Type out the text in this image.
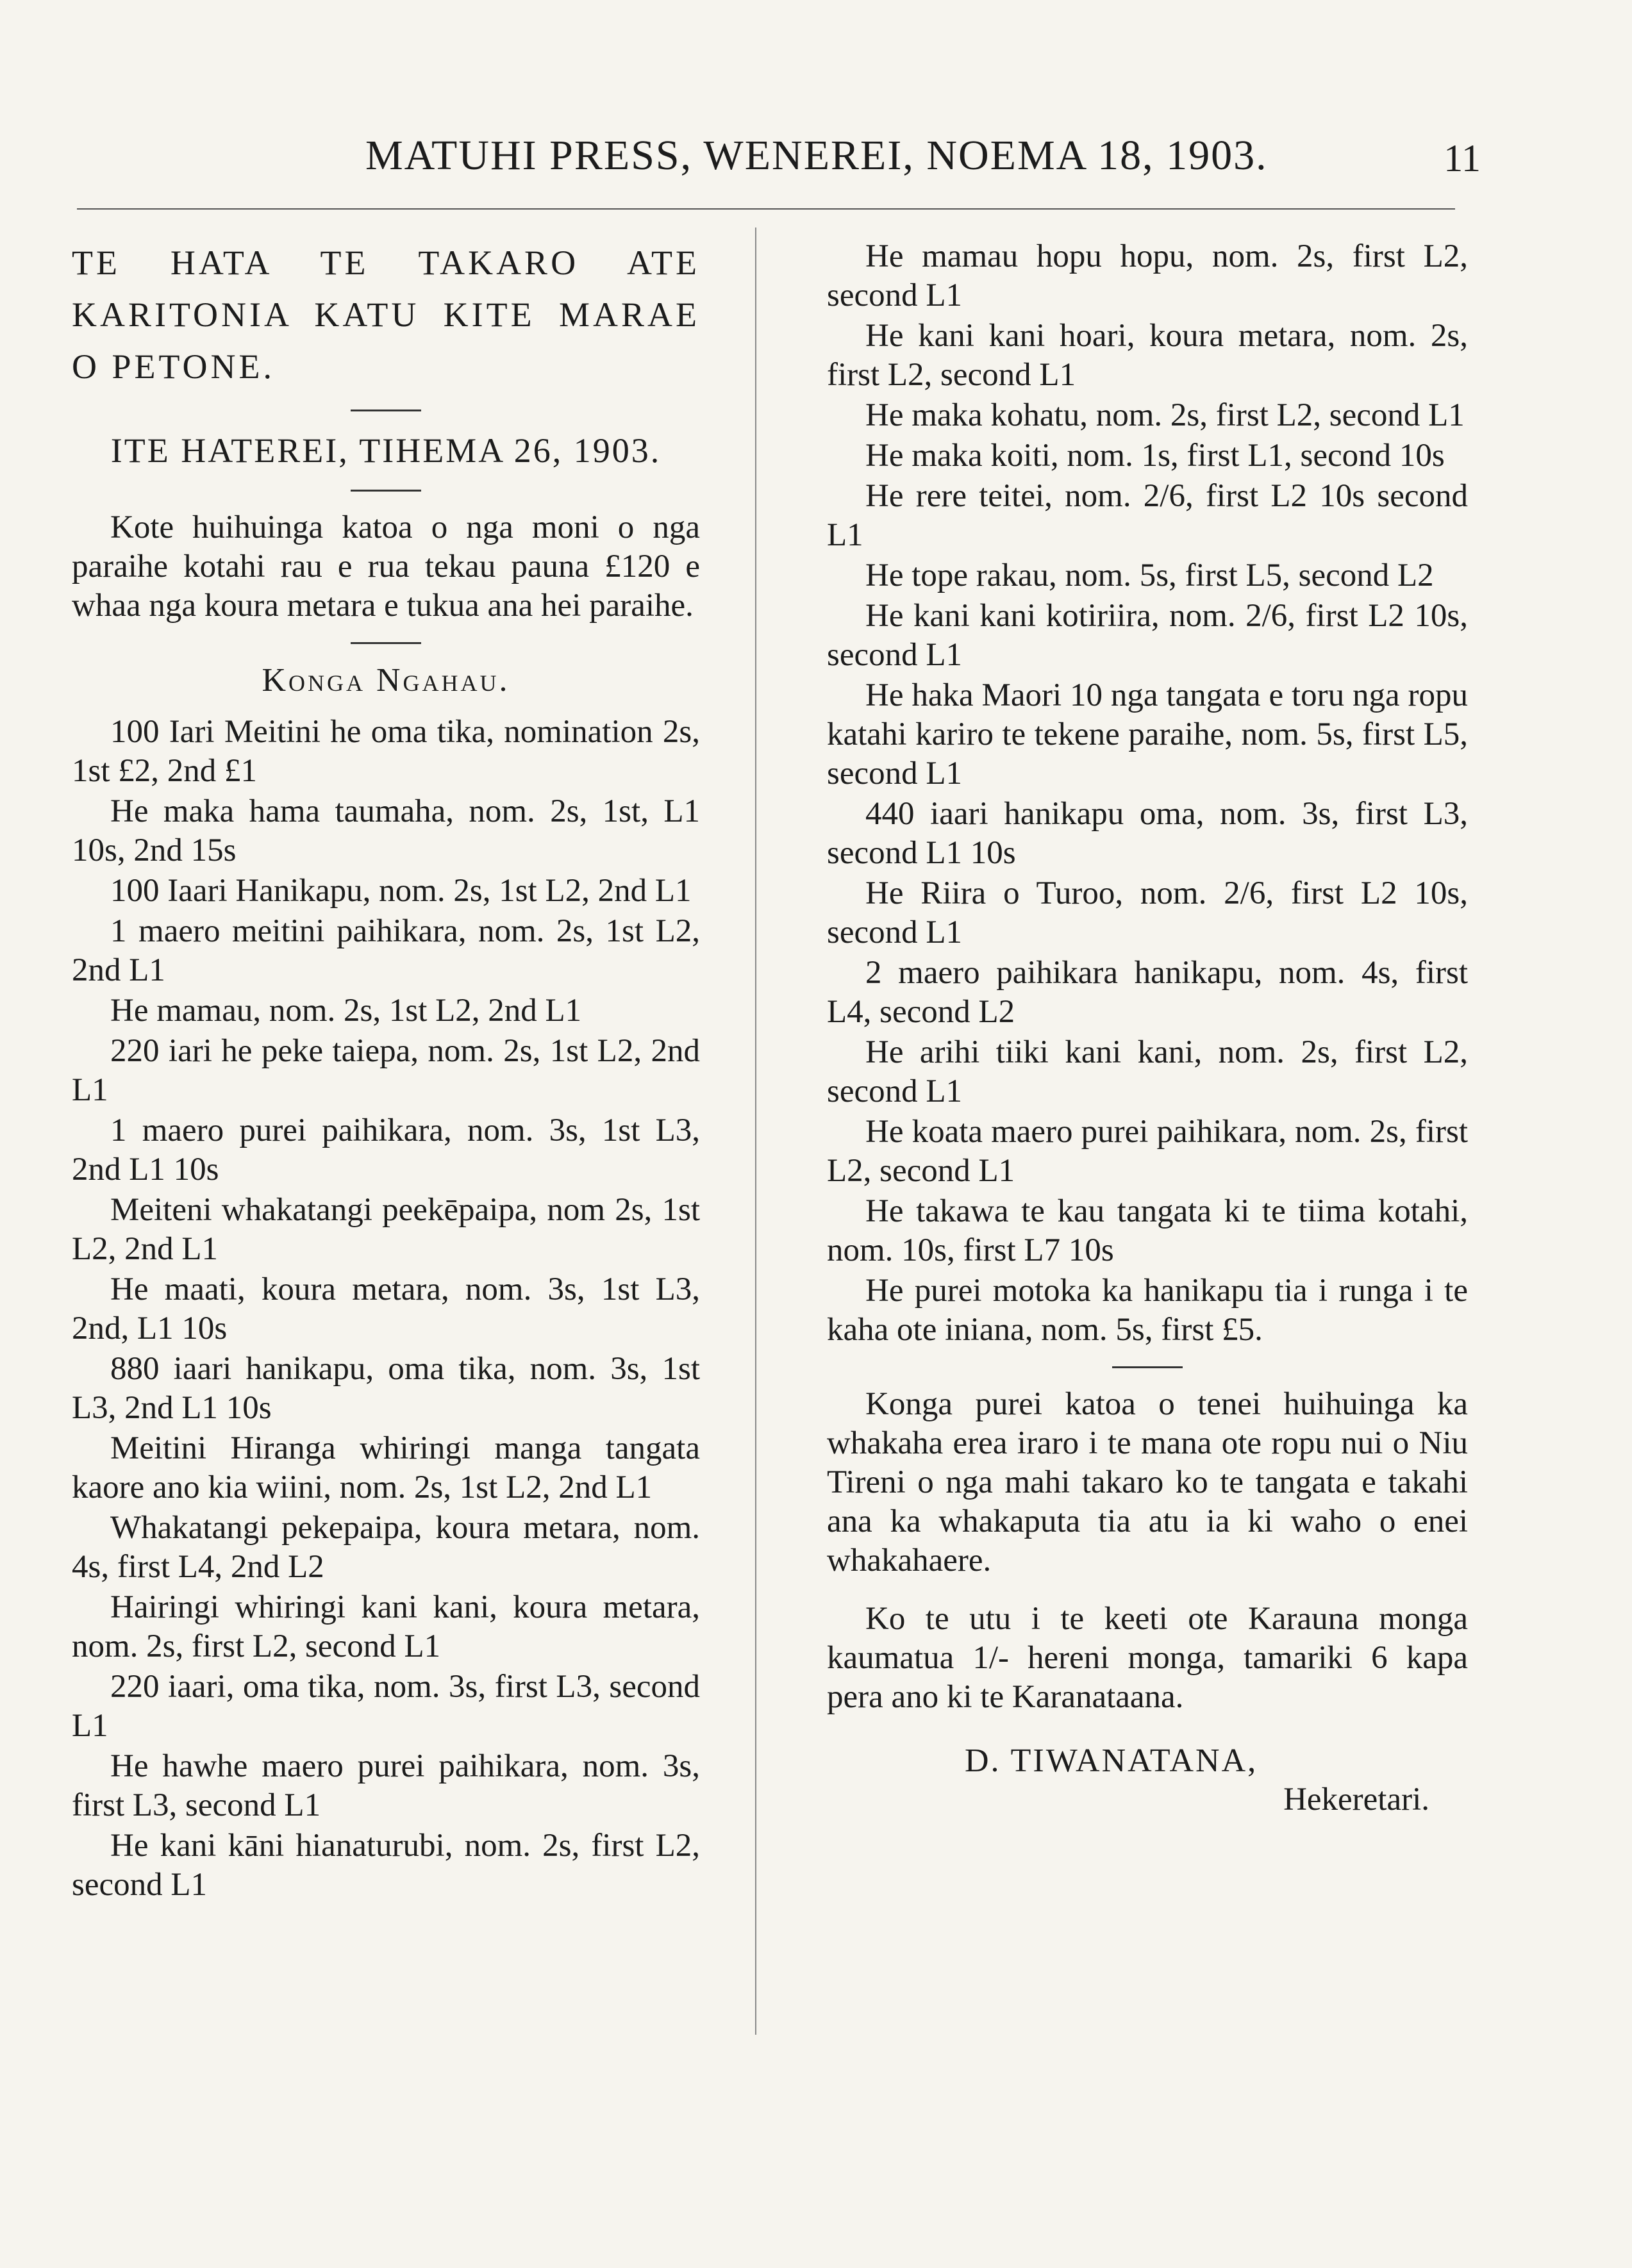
MATUHI PRESS, WENEREI, NOEMA 18, 1903.	11

TE HATA TE TAKARO ATE KARITONIA KATU KITE MARAE O PETONE.

ITE HATEREI, TIHEMA 26, 1903.

Kote huihuinga katoa o nga moni o nga paraihe kotahi rau e rua tekau pauna £120 e whaa nga koura metara e tukua ana hei paraihe.

Konga Ngahau.

100 Iari Meitini he oma tika, nomination 2s, 1st £2, 2nd £1

He maka hama taumaha, nom. 2s, 1st, L1 10s, 2nd 15s

100 Iaari Hanikapu, nom. 2s, 1st L2, 2nd L1

1 maero meitini paihikara, nom. 2s, 1st L2, 2nd L1

He mamau, nom. 2s, 1st L2, 2nd L1

220 iari he peke taiepa, nom. 2s, 1st L2, 2nd L1

1 maero purei paihikara, nom. 3s, 1st L3, 2nd L1 10s

Meiteni whakatangi peekēpaipa, nom 2s, 1st L2, 2nd L1

He maati, koura metara, nom. 3s, 1st L3, 2nd, L1 10s

880 iaari hanikapu, oma tika, nom. 3s, 1st L3, 2nd L1 10s

Meitini Hiranga whiringi manga tangata kaore ano kia wiini, nom. 2s, 1st L2, 2nd L1

Whakatangi pekepaipa, koura metara, nom. 4s, first L4, 2nd L2

Hairingi whiringi kani kani, koura metara, nom. 2s, first L2, second L1

220 iaari, oma tika, nom. 3s, first L3, second L1

He hawhe maero purei paihikara, nom. 3s, first L3, second L1

He kani kāni hianaturubi, nom. 2s, first L2, second L1

He mamau hopu hopu, nom. 2s, first L2, second L1

He kani kani hoari, koura metara, nom. 2s, first L2, second L1

He maka kohatu, nom. 2s, first L2, second L1

He maka koiti, nom. 1s, first L1, second 10s

He rere teitei, nom. 2/6, first L2 10s second L1

He tope rakau, nom. 5s, first L5, second L2

He kani kani kotiriira, nom. 2/6, first L2 10s, second L1

He haka Maori 10 nga tangata e toru nga ropu katahi kariro te tekene paraihe, nom. 5s, first L5, second L1

440 iaari hanikapu oma, nom. 3s, first L3, second L1 10s

He Riira o Turoo, nom. 2/6, first L2 10s, second L1

2 maero paihikara hanikapu, nom. 4s, first L4, second L2

He arihi tiiki kani kani, nom. 2s, first L2, second L1

He koata maero purei paihikara, nom. 2s, first L2, second L1

He takawa te kau tangata ki te tiima kotahi, nom. 10s, first L7 10s

He purei motoka ka hanikapu tia i runga i te kaha ote iniana, nom. 5s, first £5.

Konga purei katoa o tenei huihuinga ka whakaha erea iraro i te mana ote ropu nui o Niu Tireni o nga mahi takaro ko te tangata e takahi ana ka whakaputa tia atu ia ki waho o enei whakahaere.

Ko te utu i te keeti ote Karauna monga kaumatua 1/- hereni monga, tamariki 6 kapa pera ano ki te Karanataana.

D. TIWANATANA,

Hekeretari.
